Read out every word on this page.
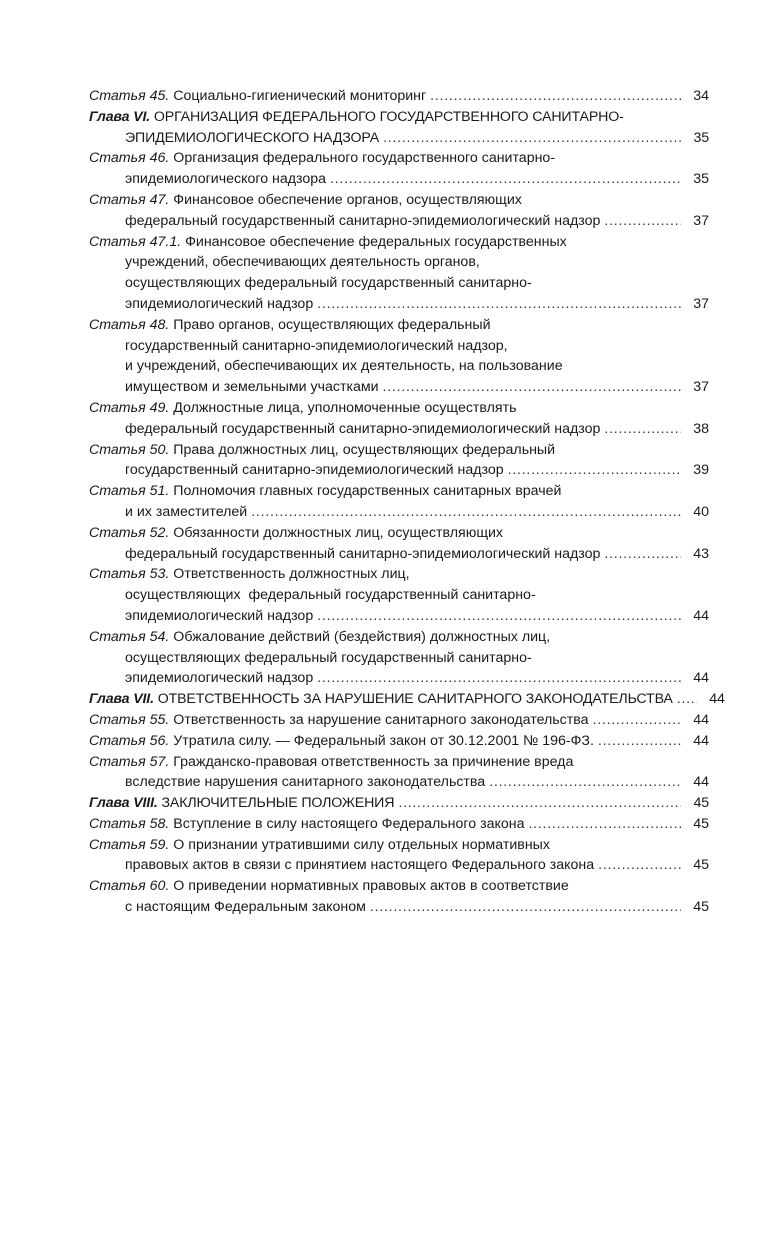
Статья 45.
Социально-гигиенический мониторинг . . .	34
Глава VI.
ОРГАНИЗАЦИЯ ФЕДЕРАЛЬНОГО ГОСУДАРСТВЕННОГО САНИТАРНО-
ЭПИДЕМИОЛОГИЧЕСКОГО НАДЗОРА . . .	35
Статья 46.
Организация федерального государственного санитарно-
эпидемиологического надзора . . .	35
Статья 47.
Финансовое обеспечение органов, осуществляющих
федеральный государственный санитарно-эпидемиологический надзор . . .	37
Статья 47.1.
Финансовое обеспечение федеральных государственных
учреждений, обеспечивающих деятельность органов,
осуществляющих федеральный государственный санитарно-
эпидемиологический надзор . . .	37
Статья 48.
Право органов, осуществляющих федеральный
государственный санитарно-эпидемиологический надзор,
и учреждений, обеспечивающих их деятельность, на пользование
имуществом и земельными участками . . .	37
Статья 49.
Должностные лица, уполномоченные осуществлять
федеральный государственный санитарно-эпидемиологический надзор . . .	38
Статья 50.
Права должностных лиц, осуществляющих федеральный
государственный санитарно-эпидемиологический надзор . . .	39
Статья 51.
Полномочия главных государственных санитарных врачей
и их заместителей . . .	40
Статья 52.
Обязанности должностных лиц, осуществляющих
федеральный государственный санитарно-эпидемиологический надзор . . .	43
Статья 53.
Ответственность должностных лиц,
осуществляющих  федеральный государственный санитарно-
эпидемиологический надзор . . .	44
Статья 54.
Обжалование действий (бездействия) должностных лиц,
осуществляющих федеральный государственный санитарно-
эпидемиологический надзор . . .	44
Глава VII.
ОТВЕТСТВЕННОСТЬ ЗА НАРУШЕНИЕ САНИТАРНОГО ЗАКОНОДАТЕЛЬСТВА . . .	44
Статья 55.
Ответственность за нарушение санитарного законодательства . . .	44
Статья 56.
Утратила силу. — Федеральный закон от 30.12.2001 № 196-ФЗ. . . .	44
Статья 57.
Гражданско-правовая ответственность за причинение вреда
вследствие нарушения санитарного законодательства . . .	44
Глава VIII.
ЗАКЛЮЧИТЕЛЬНЫЕ ПОЛОЖЕНИЯ . . .	45
Статья 58.
Вступление в силу настоящего Федерального закона . . .	45
Статья 59.
О признании утратившими силу отдельных нормативных
правовых актов в связи с принятием настоящего Федерального закона . . .	45
Статья 60.
О приведении нормативных правовых актов в соответствие
с настоящим Федеральным законом . . .	45
